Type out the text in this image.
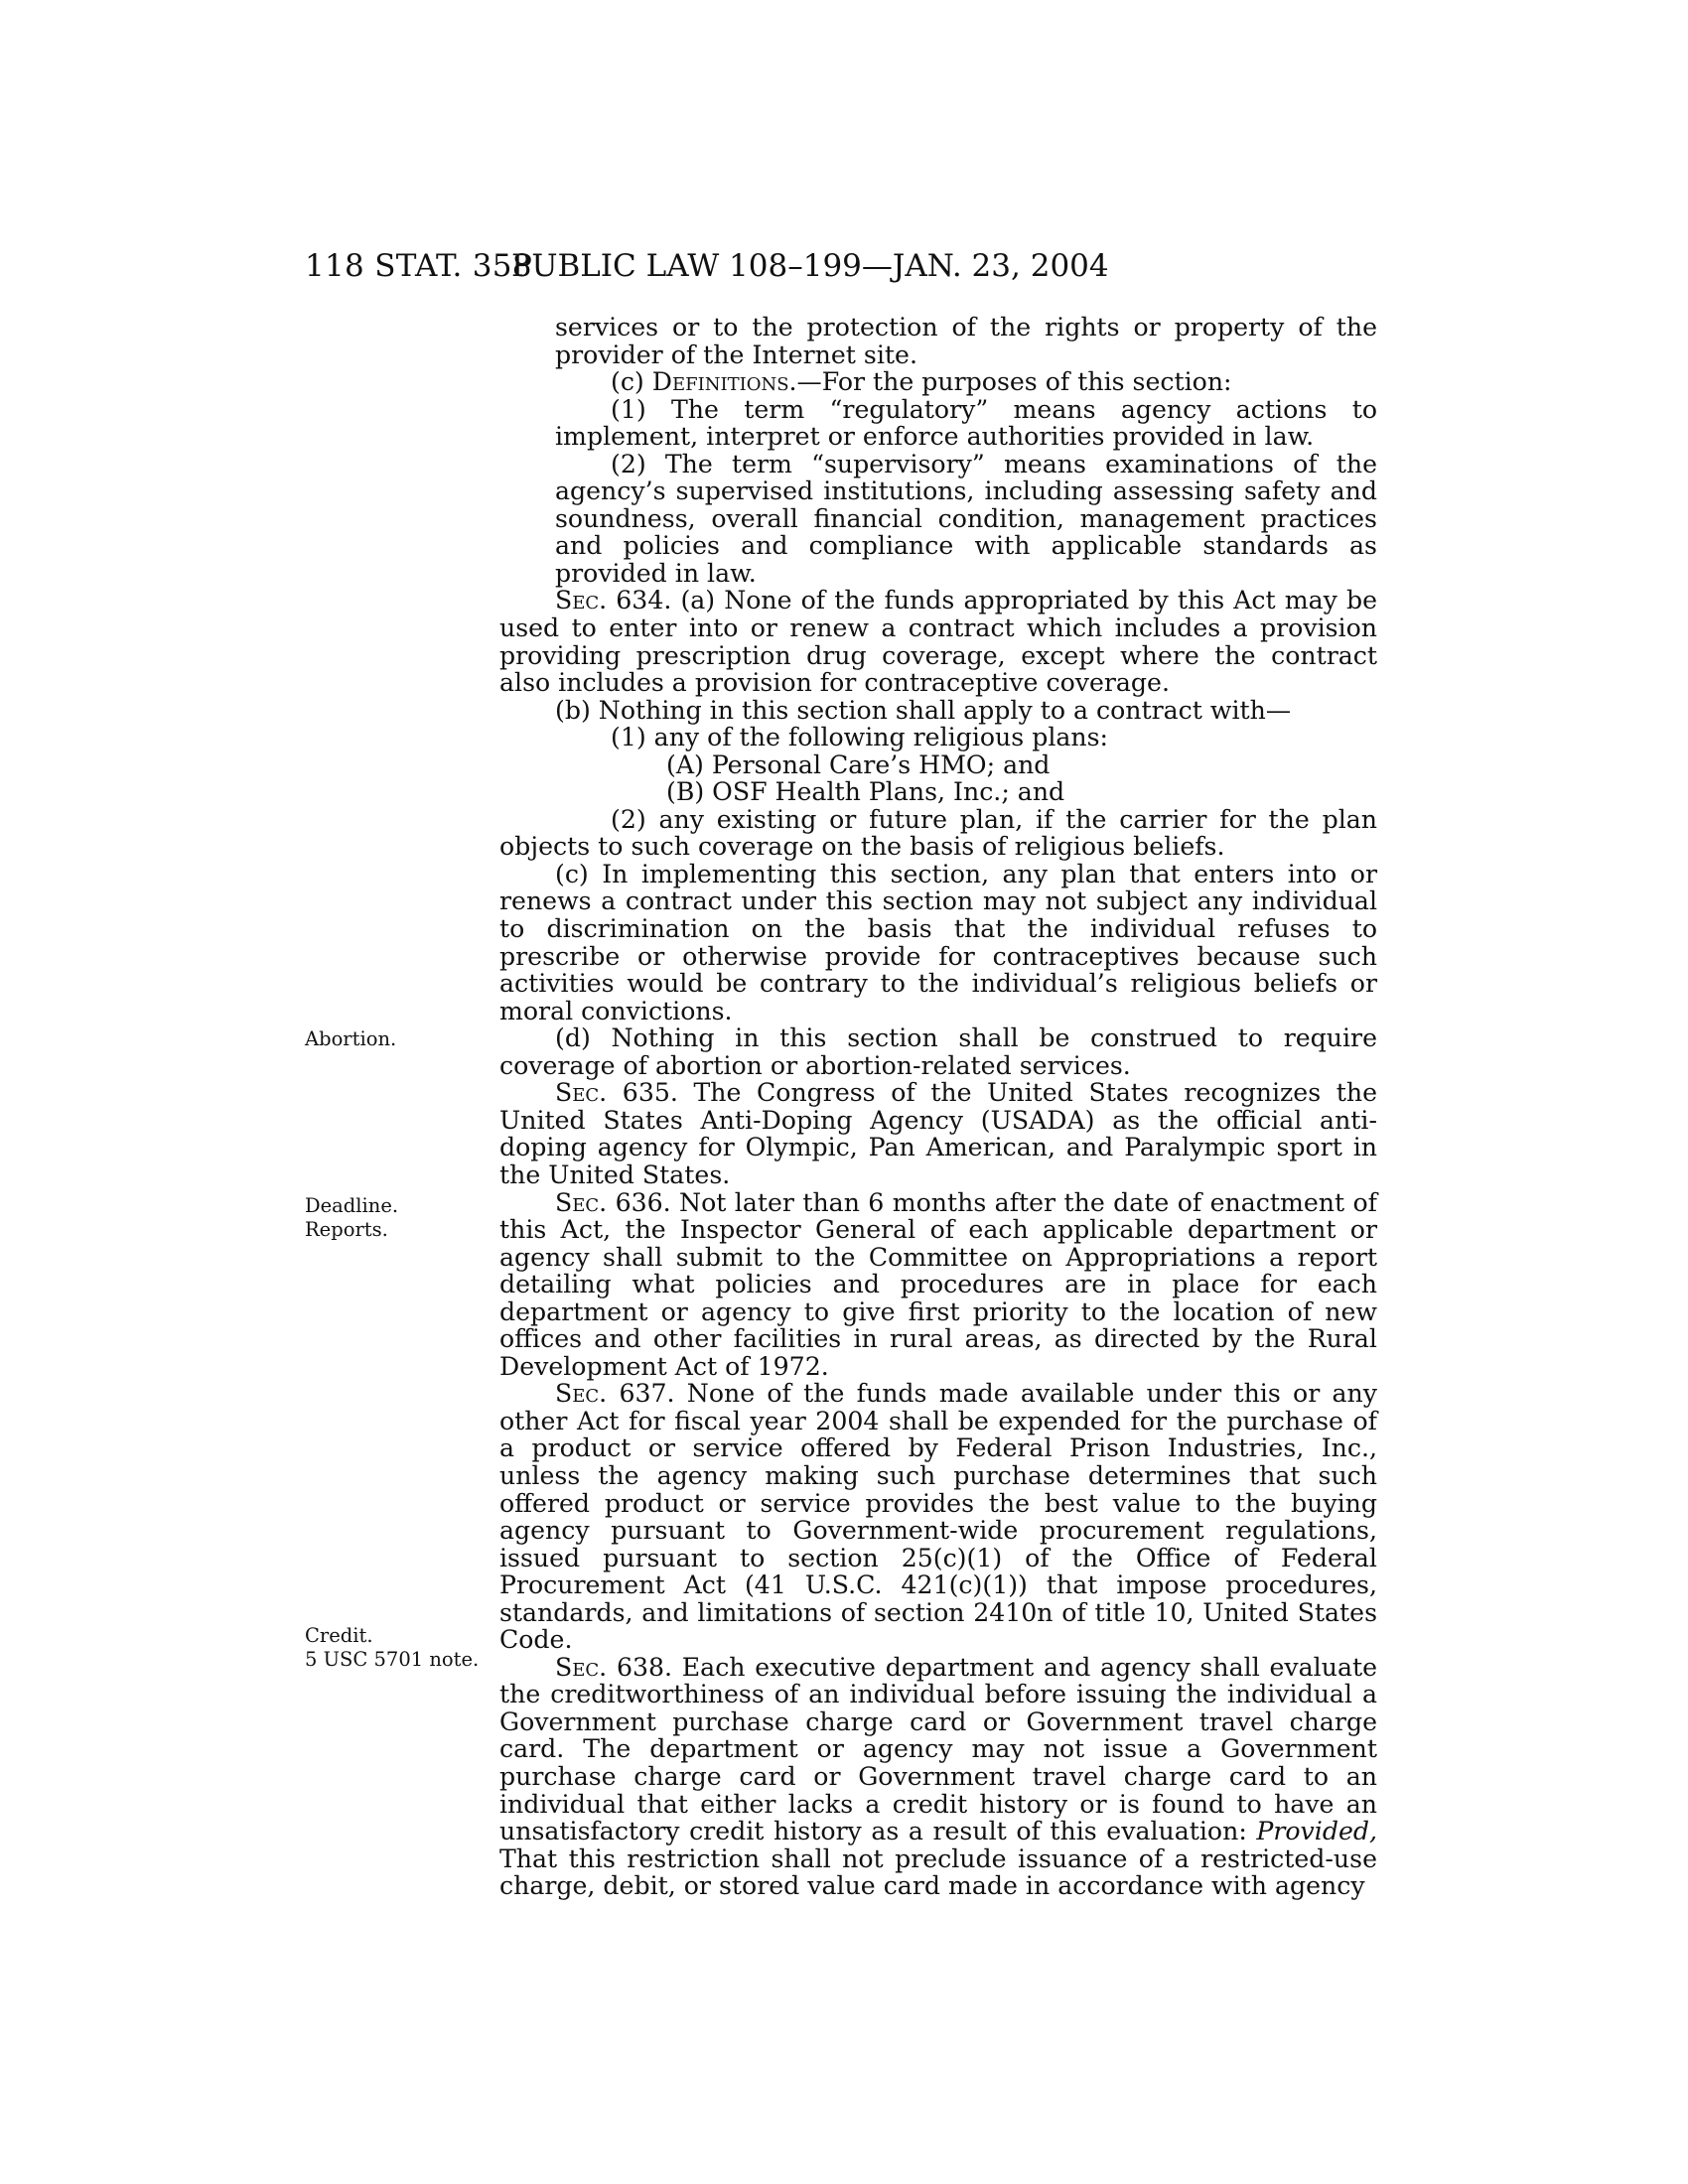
118 STAT. 358
PUBLIC LAW 108–199—JAN. 23, 2004
Abortion.
Deadline.
Reports.
Credit.
5 USC 5701 note.

services or to the protection of the rights or property of the provider of the Internet site.

(c) Definitions.—For the purposes of this section:

(1) The term “regulatory” means agency actions to implement, interpret or enforce authorities provided in law.

(2) The term “supervisory” means examinations of the agency’s supervised institutions, including assessing safety and soundness, overall financial condition, management practices and policies and compliance with applicable standards as provided in law.

Sec. 634. (a) None of the funds appropriated by this Act may be used to enter into or renew a contract which includes a provision providing prescription drug coverage, except where the contract also includes a provision for contraceptive coverage.

(b) Nothing in this section shall apply to a contract with—

(1) any of the following religious plans:

(A) Personal Care’s HMO; and

(B) OSF Health Plans, Inc.; and

(2) any existing or future plan, if the carrier for the plan objects to such coverage on the basis of religious beliefs.

(c) In implementing this section, any plan that enters into or renews a contract under this section may not subject any individual to discrimination on the basis that the individual refuses to prescribe or otherwise provide for contraceptives because such activities would be contrary to the individual’s religious beliefs or moral convictions.

(d) Nothing in this section shall be construed to require coverage of abortion or abortion-related services.

Sec. 635. The Congress of the United States recognizes the United States Anti-Doping Agency (USADA) as the official anti-doping agency for Olympic, Pan American, and Paralympic sport in the United States.

Sec. 636. Not later than 6 months after the date of enactment of this Act, the Inspector General of each applicable department or agency shall submit to the Committee on Appropriations a report detailing what policies and procedures are in place for each department or agency to give first priority to the location of new offices and other facilities in rural areas, as directed by the Rural Development Act of 1972.

Sec. 637. None of the funds made available under this or any other Act for fiscal year 2004 shall be expended for the purchase of a product or service offered by Federal Prison Industries, Inc., unless the agency making such purchase determines that such offered product or service provides the best value to the buying agency pursuant to Government-wide procurement regulations, issued pursuant to section 25(c)(1) of the Office of Federal Procurement Act (41 U.S.C. 421(c)(1)) that impose procedures, standards, and limitations of section 2410n of title 10, United States Code.

Sec. 638. Each executive department and agency shall evaluate the creditworthiness of an individual before issuing the individual a Government purchase charge card or Government travel charge card. The department or agency may not issue a Government purchase charge card or Government travel charge card to an individual that either lacks a credit history or is found to have an unsatisfactory credit history as a result of this evaluation: Provided, That this restriction shall not preclude issuance of a restricted-use charge, debit, or stored value card made in accordance with agency
